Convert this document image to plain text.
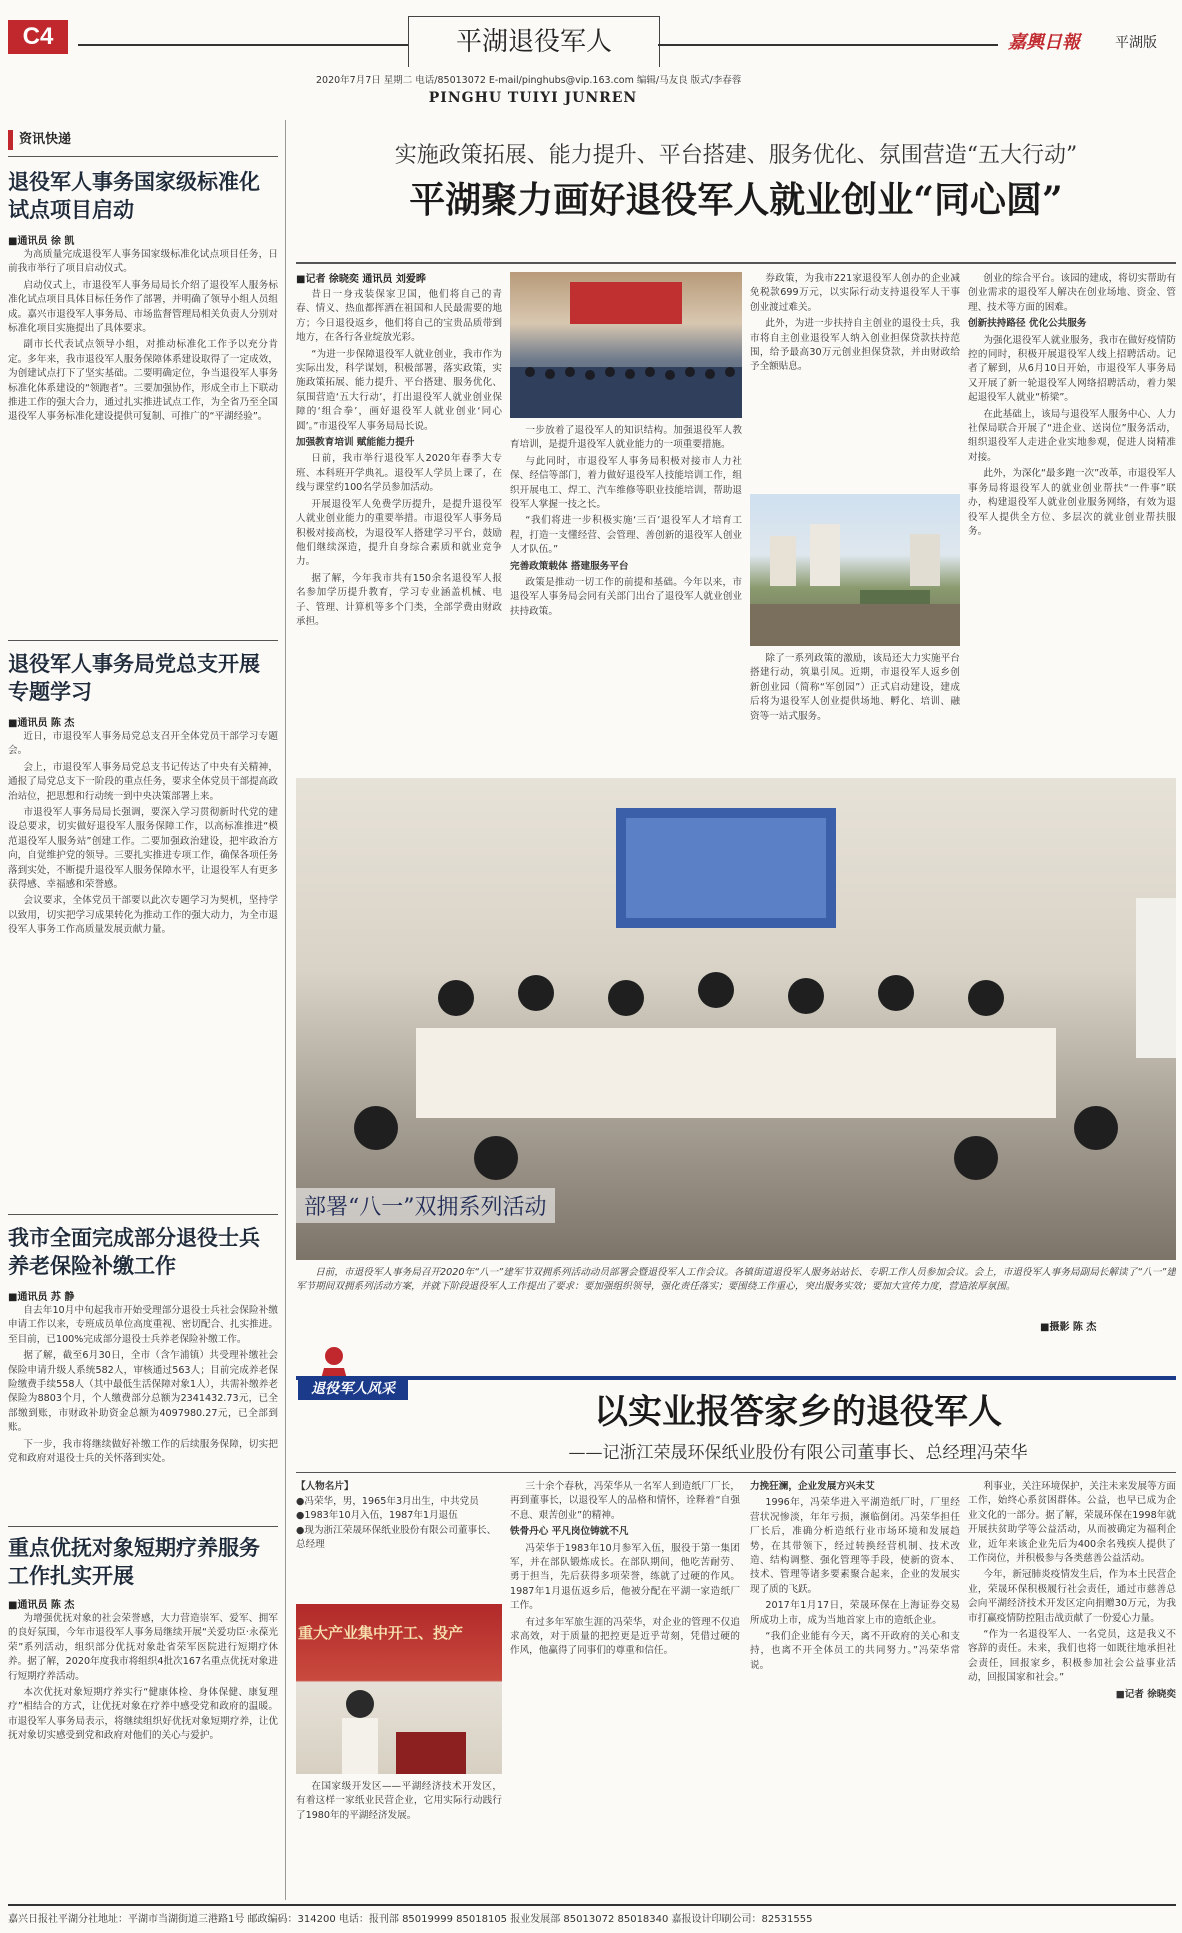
C4	平湖退役军人	嘉興日報	平湖版
2020年7月7日 星期二 电话/85013072 E-mail/pinghubs@vip.163.com 编辑/马友良 版式/李春蓉
PINGHU TUIYI JUNREN
资讯快递
退役军人事务国家级标准化试点项目启动
■通讯员 徐 凯

为高质量完成退役军人事务国家级标准化试点项目任务，日前我市举行了项目启动仪式。

启动仪式上，市退役军人事务局局长介绍了退役军人服务标准化试点项目具体目标任务作了部署，并明确了领导小组人员组成。嘉兴市退役军人事务局、市场监督管理局相关负责人分别对标准化项目实施提出了具体要求。

副市长代表试点领导小组，对推动标准化工作予以充分肯定。多年来，我市退役军人服务保障体系建设取得了一定成效，为创建试点打下了坚实基础。二要明确定位，争当退役军人事务标准化体系建设的“领跑者”。三要加强协作，形成全市上下联动推进工作的强大合力，通过扎实推进试点工作，为全省乃至全国退役军人事务标准化建设提供可复制、可推广的“平湖经验”。

退役军人事务局党总支开展专题学习
■通讯员 陈 杰

近日，市退役军人事务局党总支召开全体党员干部学习专题会。

会上，市退役军人事务局党总支书记传达了中央有关精神，通报了局党总支下一阶段的重点任务，要求全体党员干部提高政治站位，把思想和行动统一到中央决策部署上来。

市退役军人事务局局长强调，要深入学习贯彻新时代党的建设总要求，切实做好退役军人服务保障工作，以高标准推进“模范退役军人服务站”创建工作。二要加强政治建设，把牢政治方向，自觉维护党的领导。三要扎实推进专项工作，确保各项任务落到实处，不断提升退役军人服务保障水平，让退役军人有更多获得感、幸福感和荣誉感。

会议要求，全体党员干部要以此次专题学习为契机，坚持学以致用，切实把学习成果转化为推动工作的强大动力，为全市退役军人事务工作高质量发展贡献力量。

我市全面完成部分退役士兵养老保险补缴工作
■通讯员 苏 静

自去年10月中旬起我市开始受理部分退役士兵社会保险补缴申请工作以来，专班成员单位高度重视、密切配合、扎实推进。至目前，已100%完成部分退役士兵养老保险补缴工作。

据了解，截至6月30日，全市（含乍浦镇）共受理补缴社会保险申请升级人系统582人，审核通过563人；目前完成养老保险缴费手续558人（其中最低生活保障对象1人），共需补缴养老保险为8803个月，个人缴费部分总额为2341432.73元，已全部缴到账，市财政补助资金总额为4097980.27元，已全部到账。

下一步，我市将继续做好补缴工作的后续服务保障，切实把党和政府对退役士兵的关怀落到实处。

重点优抚对象短期疗养服务工作扎实开展
■通讯员 陈 杰

为增强优抚对象的社会荣誉感，大力营造崇军、爱军、拥军的良好氛围，今年市退役军人事务局继续开展“关爱功臣·永葆光荣”系列活动，组织部分优抚对象赴省荣军医院进行短期疗休养。据了解，2020年度我市将组织4批次167名重点优抚对象进行短期疗养活动。

本次优抚对象短期疗养实行“健康体检、身体保健、康复理疗”相结合的方式，让优抚对象在疗养中感受党和政府的温暖。市退役军人事务局表示，将继续组织好优抚对象短期疗养，让优抚对象切实感受到党和政府对他们的关心与爱护。

实施政策拓展、能力提升、平台搭建、服务优化、氛围营造“五大行动”
平湖聚力画好退役军人就业创业“同心圆”
■记者 徐晓奕 通讯员 刘爱晔

昔日一身戎装保家卫国，他们将自己的青春、情义、热血都挥洒在祖国和人民最需要的地方；今日退役返乡，他们将自己的宝贵品质带到地方，在各行各业绽放光彩。

“为进一步保障退役军人就业创业，我市作为实际出发，科学谋划，积极部署，落实政策，实施政策拓展、能力提升、平台搭建、服务优化、氛围营造‘五大行动’，打出退役军人就业创业保障的‘组合拳’，画好退役军人就业创业‘同心圆’。”市退役军人事务局局长说。

加强教育培训 赋能能力提升

日前，我市举行退役军人2020年春季大专班、本科班开学典礼。退役军人学员上课了，在线与课堂约100名学员参加活动。

开展退役军人免费学历提升，是提升退役军人就业创业能力的重要举措。市退役军人事务局积极对接高校，为退役军人搭建学习平台，鼓励他们继续深造，提升自身综合素质和就业竞争力。

据了解，今年我市共有150余名退役军人报名参加学历提升教育，学习专业涵盖机械、电子、管理、计算机等多个门类，全部学费由财政承担。

一步放着了退役军人的知识结构。加强退役军人教育培训，是提升退役军人就业能力的一项重要措施。

与此同时，市退役军人事务局积极对接市人力社保、经信等部门，着力做好退役军人技能培训工作，组织开展电工、焊工、汽车维修等职业技能培训，帮助退役军人掌握一技之长。

“我们将进一步积极实施‘三百’退役军人才培育工程，打造一支懂经营、会管理、善创新的退役军人创业人才队伍。”

完善政策载体 搭建服务平台

政策是推动一切工作的前提和基础。今年以来，市退役军人事务局会同有关部门出台了退役军人就业创业扶持政策。

券政策，为我市221家退役军人创办的企业减免税款699万元，以实际行动支持退役军人干事创业渡过难关。

此外，为进一步扶持自主创业的退役士兵，我市将自主创业退役军人纳入创业担保贷款扶持范围，给予最高30万元创业担保贷款，并由财政给予全额贴息。

除了一系列政策的激励，该局还大力实施平台搭建行动，筑巢引凤。近期，市退役军人返乡创新创业园（简称“军创园”）正式启动建设，建成后将为退役军人创业提供场地、孵化、培训、融资等一站式服务。

创业的综合平台。该园的建成，将切实帮助有创业需求的退役军人解决在创业场地、资金、管理、技术等方面的困难。

创新扶持路径 优化公共服务

为强化退役军人就业服务，我市在做好疫情防控的同时，积极开展退役军人线上招聘活动。记者了解到，从6月10日开始，市退役军人事务局又开展了新一轮退役军人网络招聘活动，着力架起退役军人就业“桥梁”。

在此基础上，该局与退役军人服务中心、人力社保局联合开展了“进企业、送岗位”服务活动，组织退役军人走进企业实地参观，促进人岗精准对接。

此外，为深化“最多跑一次”改革，市退役军人事务局将退役军人的就业创业帮扶“一件事”联办，构建退役军人就业创业服务网络，有效为退役军人提供全方位、多层次的就业创业帮扶服务。

部署“八一”双拥系列活动

日前，市退役军人事务局召开2020年“八一”建军节双拥系列活动动员部署会暨退役军人工作会议。各镇街道退役军人服务站站长、专职工作人员参加会议。会上，市退役军人事务局副局长解读了“八一”建军节期间双拥系列活动方案，并就下阶段退役军人工作提出了要求：要加强组织领导，强化责任落实；要围绕工作重心，突出服务实效；要加大宣传力度，营造浓厚氛围。

■摄影 陈 杰
退役军人风采
以实业报答家乡的退役军人
——记浙江荣晟环保纸业股份有限公司董事长、总经理冯荣华
【人物名片】
●冯荣华，男，1965年3月出生，中共党员
●1983年10月入伍，1987年1月退伍
●现为浙江荣晟环保纸业股份有限公司董事长、总经理
重大产业集中开工、投产

在国家级开发区——平湖经济技术开发区，有着这样一家纸业民营企业，它用实际行动践行了1980年的平湖经济发展。

三十余个春秋，冯荣华从一名军人到造纸厂厂长，再到董事长，以退役军人的品格和情怀，诠释着“自强不息、艰苦创业”的精神。

铁骨丹心 平凡岗位铸就不凡

冯荣华于1983年10月参军入伍，服役于第一集团军，并在部队锻炼成长。在部队期间，他吃苦耐劳、勇于担当，先后获得多项荣誉，练就了过硬的作风。1987年1月退伍返乡后，他被分配在平湖一家造纸厂工作。

有过多年军旅生涯的冯荣华，对企业的管理不仅追求高效，对于质量的把控更是近乎苛刻，凭借过硬的作风，他赢得了同事们的尊重和信任。

力挽狂澜，企业发展方兴未艾

1996年，冯荣华进入平湖造纸厂时，厂里经营状况惨淡，年年亏损，濒临倒闭。冯荣华担任厂长后，准确分析造纸行业市场环境和发展趋势，在其带领下，经过转换经营机制、技术改造、结构调整、强化管理等手段，使新的资本、技术、管理等诸多要素聚合起来，企业的发展实现了质的飞跃。

2017年1月17日，荣晟环保在上海证券交易所成功上市，成为当地首家上市的造纸企业。

“我们企业能有今天，离不开政府的关心和支持，也离不开全体员工的共同努力。”冯荣华常说。

利事业，关注环境保护，关注未来发展等方面工作，始终心系贫困群体。公益，也早已成为企业文化的一部分。据了解，荣晟环保在1998年就开展扶贫助学等公益活动，从而被确定为福利企业，近年来该企业先后为400余名残疾人提供了工作岗位，并积极参与各类慈善公益活动。

今年，新冠肺炎疫情发生后，作为本土民营企业，荣晟环保积极履行社会责任，通过市慈善总会向平湖经济技术开发区定向捐赠30万元，为我市打赢疫情防控阻击战贡献了一份爱心力量。

“作为一名退役军人、一名党员，这是我义不容辞的责任。未来，我们也将一如既往地承担社会责任，回报家乡，积极参加社会公益事业活动，回报国家和社会。”

■记者 徐晓奕

嘉兴日报社平湖分社地址：平湖市当湖街道三港路1号 邮政编码：314200 电话：报刊部 85019999 85018105 报业发展部 85013072 85018340 嘉报设计印刷公司：82531555
